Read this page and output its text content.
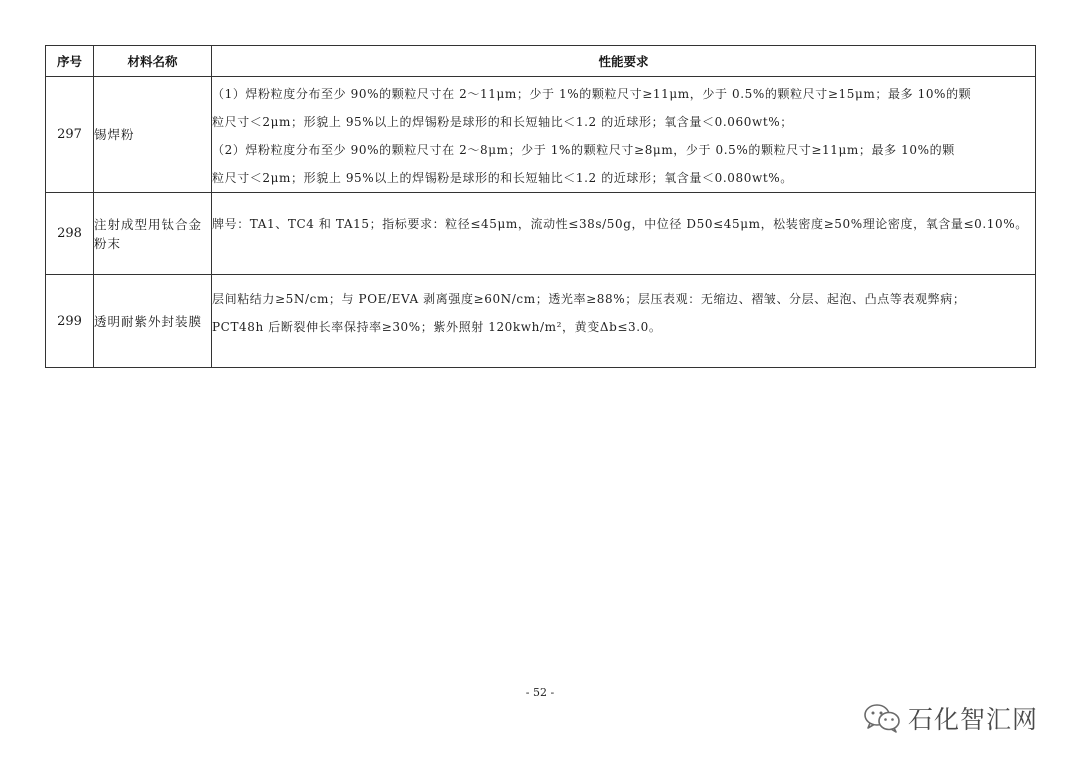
序号	材料名称	性能要求
297	锡焊粉	（1）焊粉粒度分布至少 90%的颗粒尺寸在 2～11μm；少于 1%的颗粒尺寸≥11μm，少于 0.5%的颗粒尺寸≥15μm；最多 10%的颗
粒尺寸＜2μm；形貌上 95%以上的焊锡粉是球形的和长短轴比＜1.2 的近球形；氧含量＜0.060wt%；
（2）焊粉粒度分布至少 90%的颗粒尺寸在 2～8μm；少于 1%的颗粒尺寸≥8μm，少于 0.5%的颗粒尺寸≥11μm；最多 10%的颗
粒尺寸＜2μm；形貌上 95%以上的焊锡粉是球形的和长短轴比＜1.2 的近球形；氧含量＜0.080wt%。

298	注射成型用钛合金粉末	牌号：TA1、TC4 和 TA15；指标要求：粒径≤45μm，流动性≤38s/50g，中位径 D50≤45μm，松装密度≥50%理论密度，氧含量≤0.10%。

299	透明耐紫外封装膜	层间粘结力≥5N/cm；与 POE/EVA 剥离强度≥60N/cm；透光率≥88%；层压表观：无缩边、褶皱、分层、起泡、凸点等表观弊病；
PCT48h 后断裂伸长率保持率≥30%；紫外照射 120kwh/m²，黄变Δb≤3.0。
- 52 -
石化智汇网
